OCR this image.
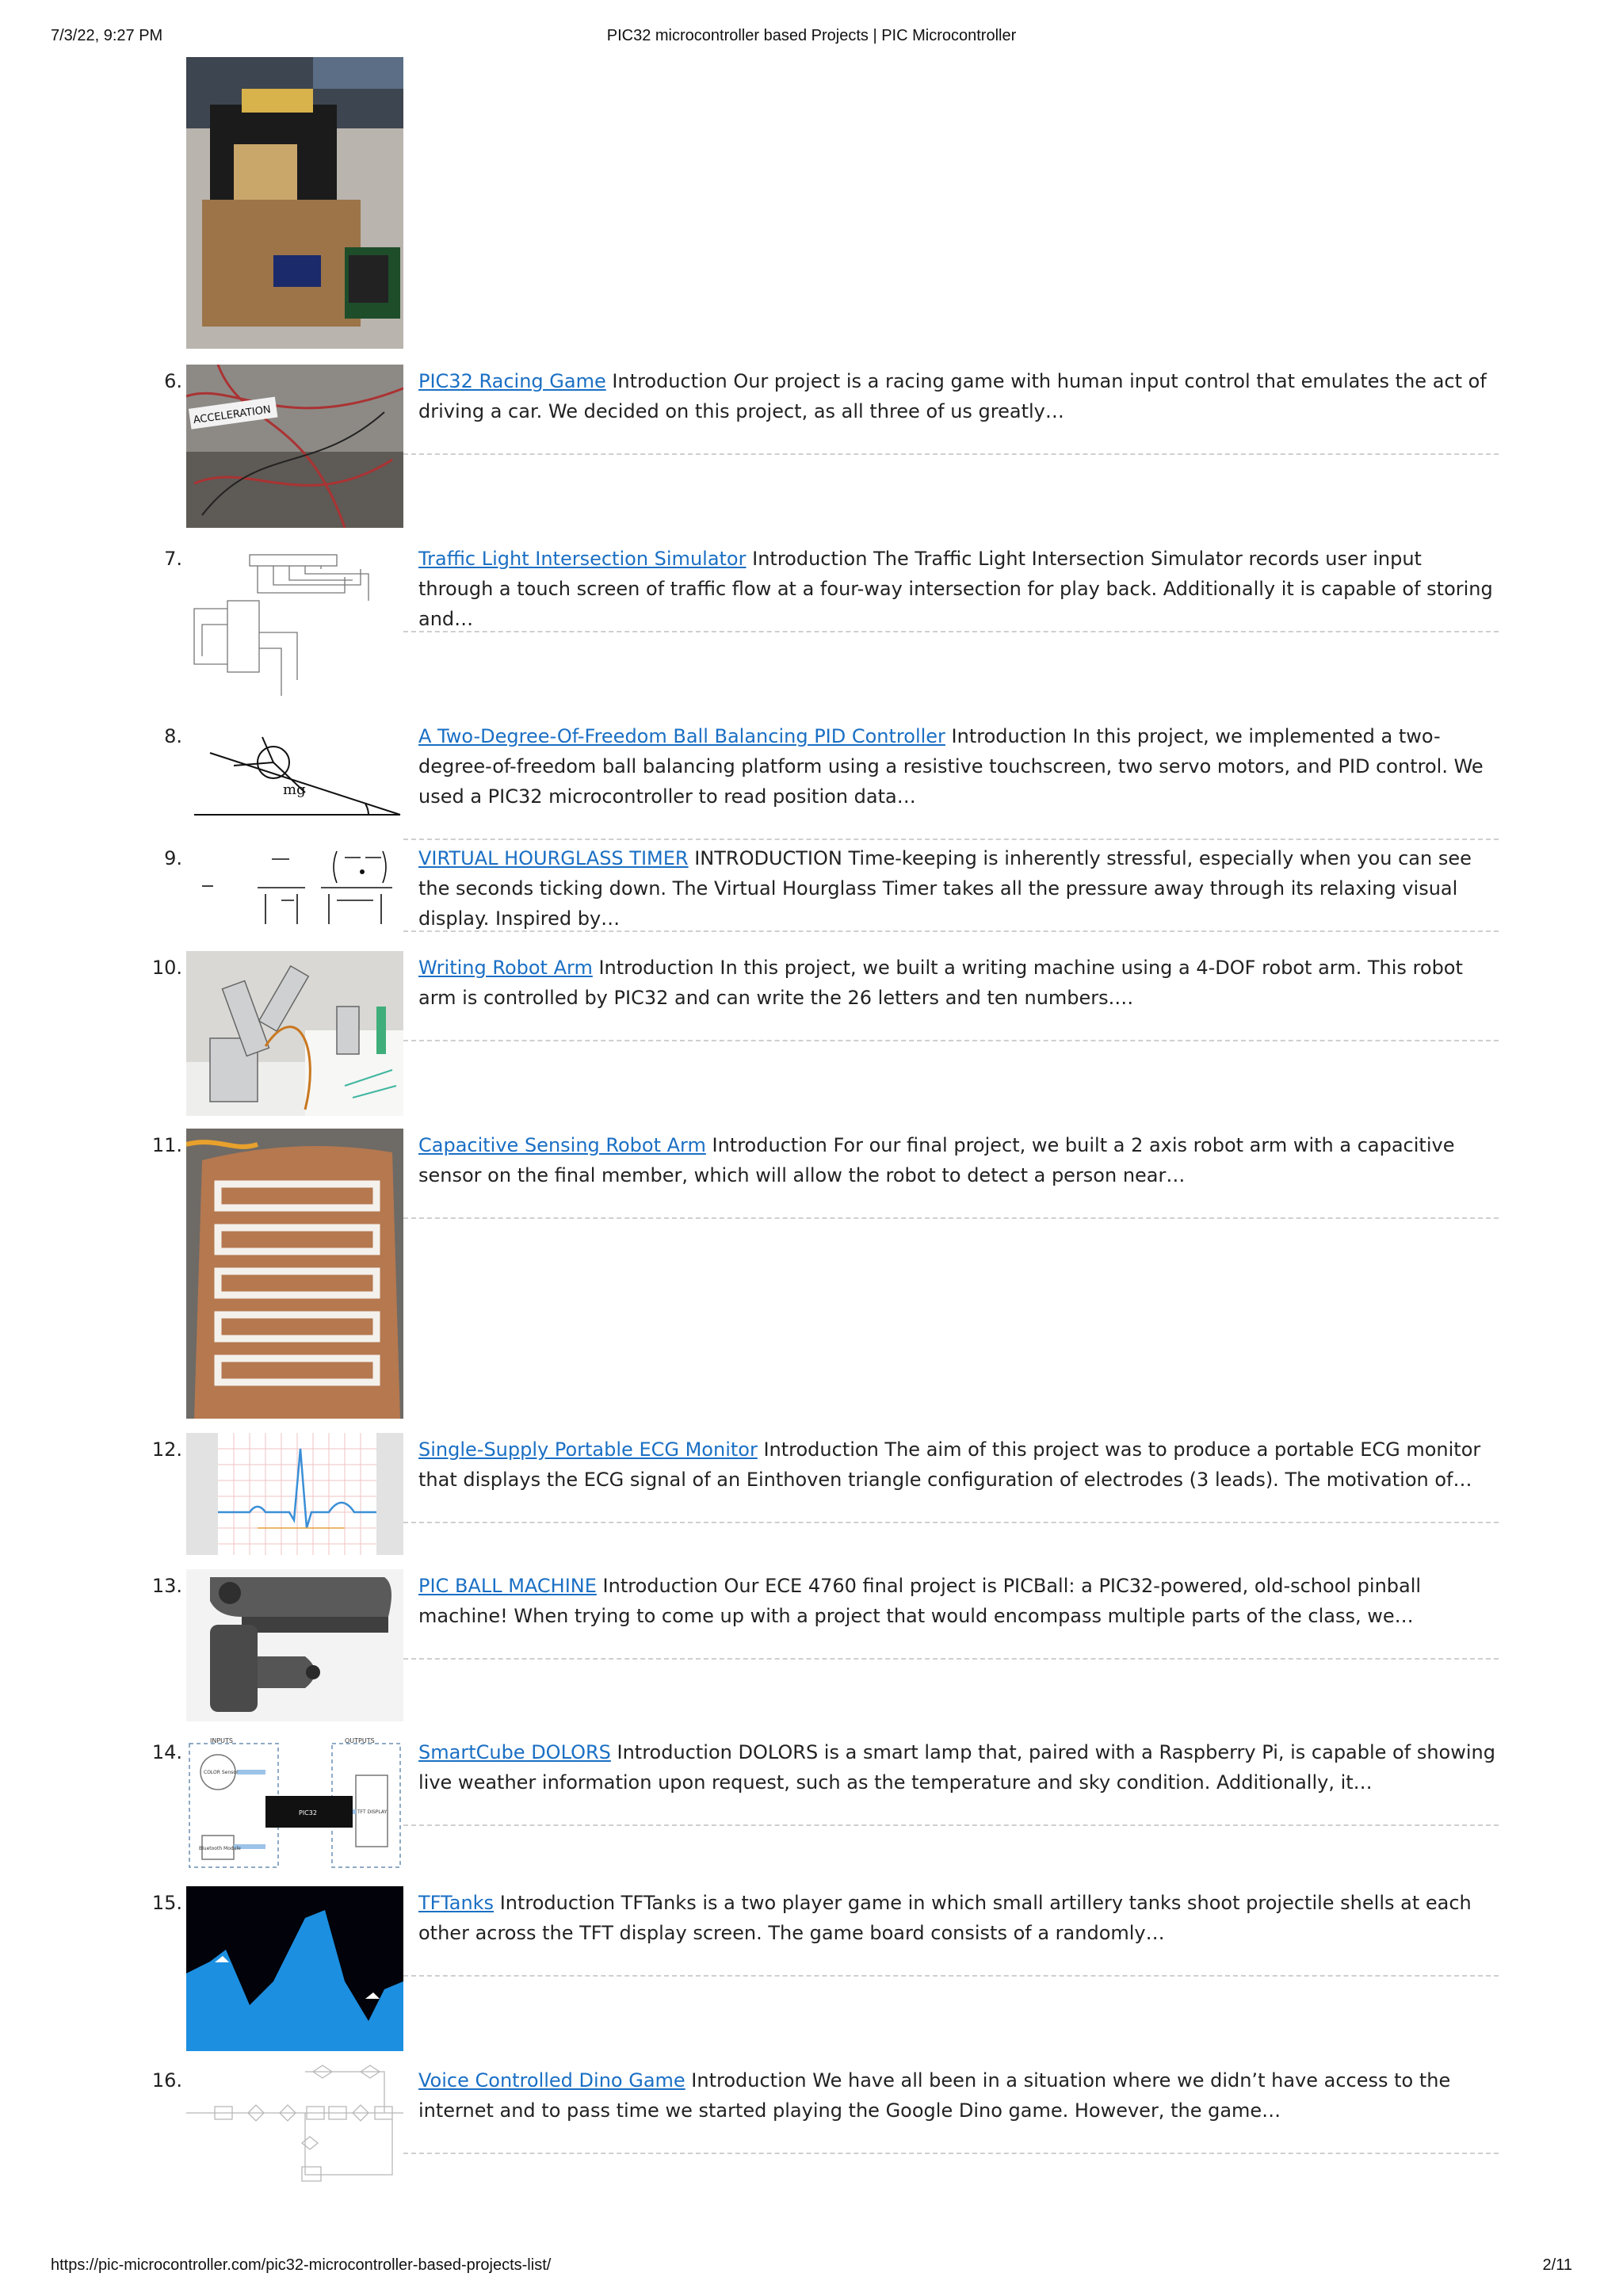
7/3/22, 9:27 PM	PIC32 microcontroller based Projects | PIC Microcontroller
https://pic-microcontroller.com/pic32-microcontroller-based-projects-list/	2/11
6.	PIC32 Racing Game Introduction Our project is a racing game with human input control that emulates the act of driving a car. We decided on this project, as all three of us greatly…
ACCELERATION
7.	Traffic Light Intersection Simulator Introduction The Traffic Light Intersection Simulator records user input through a touch screen of traffic flow at a four-way intersection for play back. Additionally it is capable of storing and…
8.	A Two-Degree-Of-Freedom Ball Balancing PID Controller Introduction In this project, we implemented a two-degree-of-freedom ball balancing platform using a resistive touchscreen, two servo motors, and PID control. We used a PIC32 microcontroller to read position data…
mg
9.	VIRTUAL HOURGLASS TIMER INTRODUCTION Time-keeping is inherently stressful, especially when you can see the seconds ticking down. The Virtual Hourglass Timer takes all the pressure away through its relaxing visual display. Inspired by…
10.	Writing Robot Arm Introduction In this project, we built a writing machine using a 4-DOF robot arm. This robot arm is controlled by PIC32 and can write the 26 letters and ten numbers.…
11.	Capacitive Sensing Robot Arm Introduction For our final project, we built a 2 axis robot arm with a capacitive sensor on the final member, which will allow the robot to detect a person near…
12.	Single-Supply Portable ECG Monitor Introduction The aim of this project was to produce a portable ECG monitor that displays the ECG signal of an Einthoven triangle configuration of electrodes (3 leads). The motivation of…
13.	PIC BALL MACHINE Introduction Our ECE 4760 final project is PICBall: a PIC32-powered, old-school pinball machine! When trying to come up with a project that would encompass multiple parts of the class, we…
14.	SmartCube DOLORS Introduction DOLORS is a smart lamp that, paired with a Raspberry Pi, is capable of showing live weather information upon request, such as the temperature and sky condition. Additionally, it…
INPUTS	OUTPUTS
PIC32
COLOR Sensor
TFT DISPLAY
Bluetooth Module
15.	TFTanks Introduction TFTanks is a two player game in which small artillery tanks shoot projectile shells at each other across the TFT display screen. The game board consists of a randomly…
16.	Voice Controlled Dino Game Introduction We have all been in a situation where we didn’t have access to the internet and to pass time we started playing the Google Dino game. However, the game…
